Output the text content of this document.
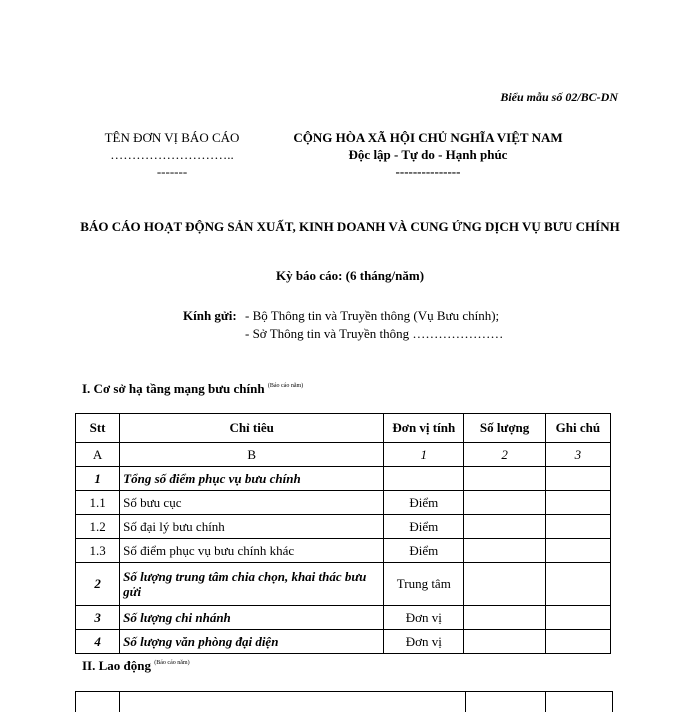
Biểu mẫu số 02/BC-DN
TÊN ĐƠN VỊ BÁO CÁO
………………………..
-------
CỘNG HÒA XÃ HỘI CHỦ NGHĨA VIỆT NAM
Độc lập - Tự do - Hạnh phúc
---------------
BÁO CÁO HOẠT ĐỘNG SẢN XUẤT, KINH DOANH VÀ CUNG ỨNG DỊCH VỤ BƯU CHÍNH
Kỳ báo cáo: (6 tháng/năm)
Kính gửi: - Bộ Thông tin và Truyền thông (Vụ Bưu chính);
- Sở Thông tin và Truyền thông …………………
I. Cơ sở hạ tầng mạng bưu chính $^{(Báo cáo năm)}$
Stt	Chỉ tiêu	Đơn vị tính	Số lượng	Ghi chú
A	B	1	2	3
1	Tổng số điểm phục vụ bưu chính			
1.1	Số bưu cục	Điểm		
1.2	Số đại lý bưu chính	Điểm		
1.3	Số điểm phục vụ bưu chính khác	Điểm		
2	Số lượng trung tâm chia chọn, khai thác bưu gửi	Trung tâm		
3	Số lượng chi nhánh	Đơn vị		
4	Số lượng văn phòng đại diện	Đơn vị		
II. Lao động $^{(Báo cáo năm)}$
